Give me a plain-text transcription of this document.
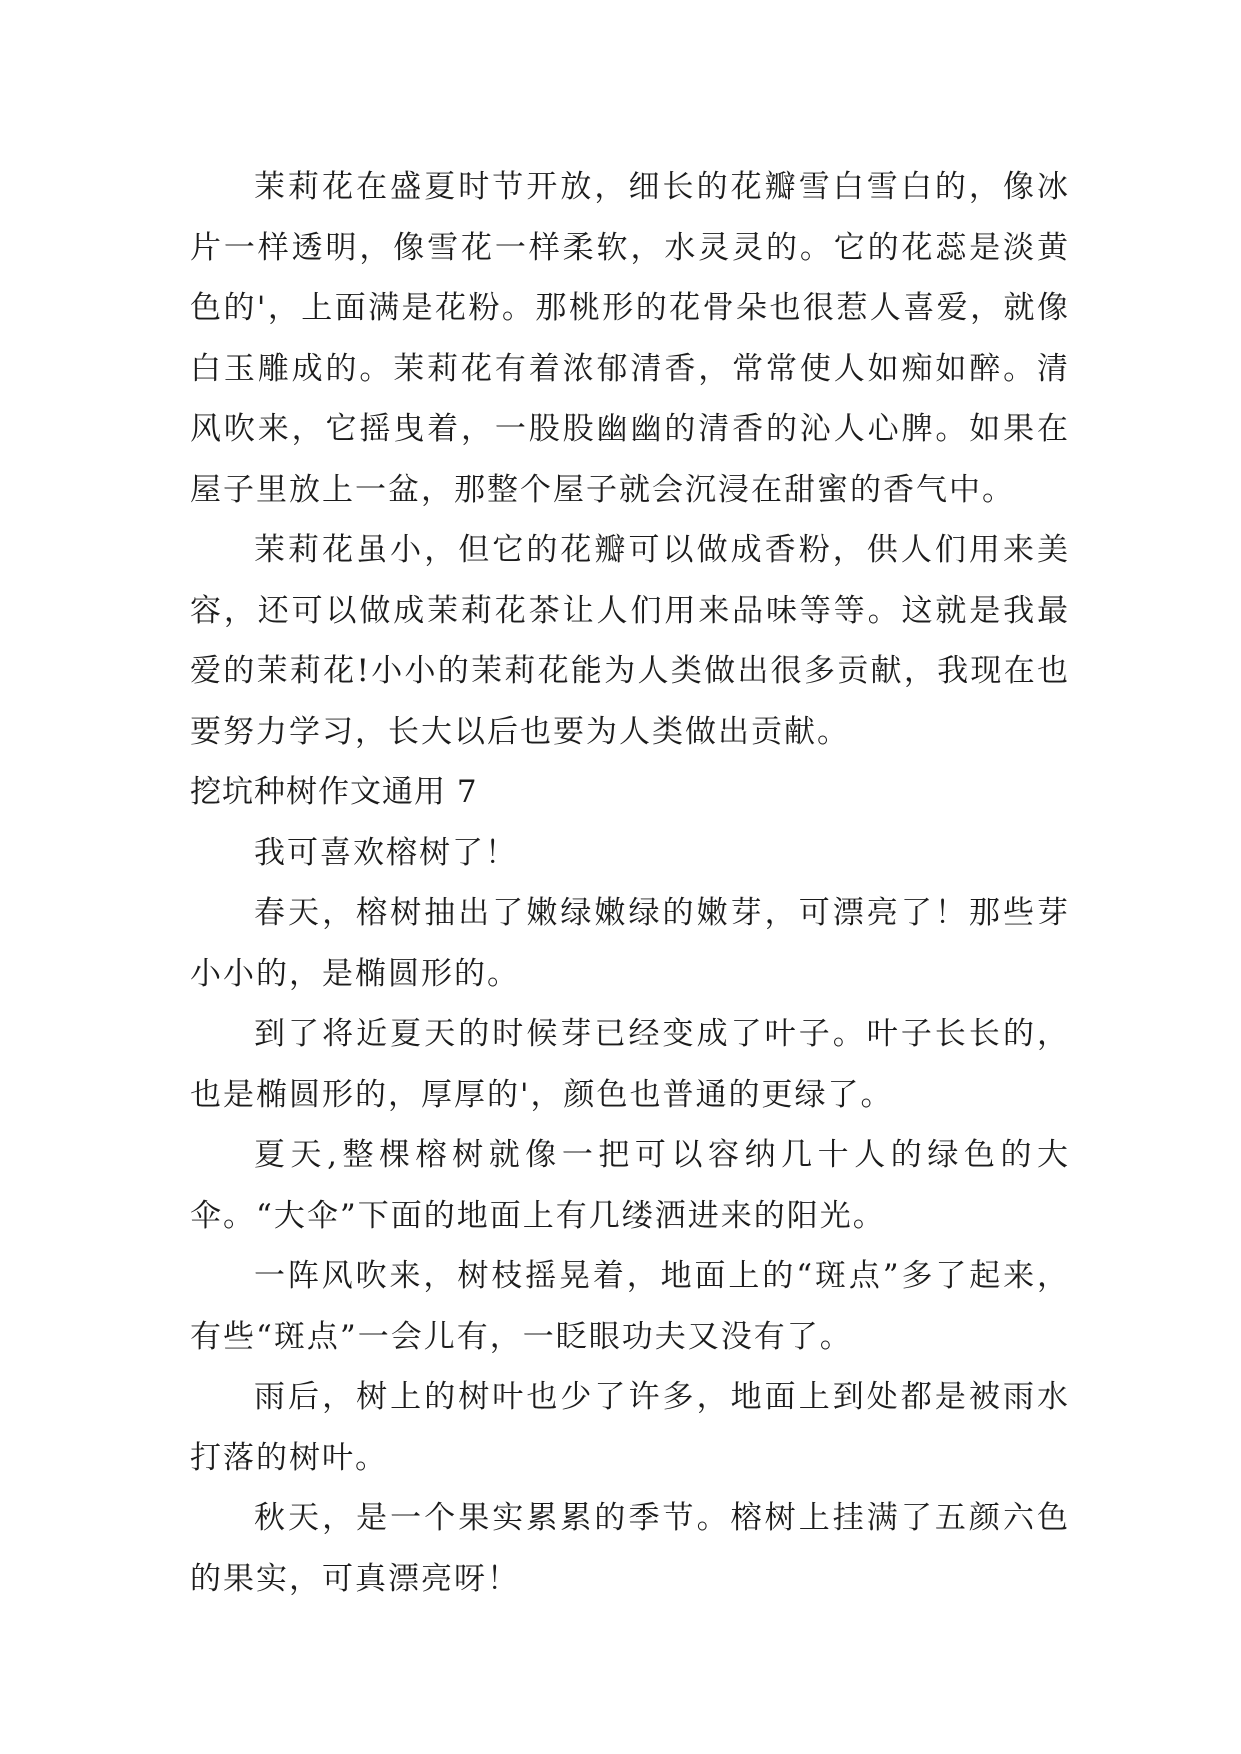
茉莉花在盛夏时节开放，细长的花瓣雪白雪白的，像冰片一样透明，像雪花一样柔软，水灵灵的。它的花蕊是淡黄色的'，上面满是花粉。那桃形的花骨朵也很惹人喜爱，就像白玉雕成的。茉莉花有着浓郁清香，常常使人如痴如醉。清风吹来，它摇曳着，一股股幽幽的清香的沁人心脾。如果在屋子里放上一盆，那整个屋子就会沉浸在甜蜜的香气中。

茉莉花虽小，但它的花瓣可以做成香粉，供人们用来美容，还可以做成茉莉花茶让人们用来品味等等。这就是我最爱的茉莉花!小小的茉莉花能为人类做出很多贡献，我现在也要努力学习，长大以后也要为人类做出贡献。

挖坑种树作文通用 7

我可喜欢榕树了！

春天，榕树抽出了嫩绿嫩绿的嫩芽，可漂亮了！那些芽小小的，是椭圆形的。

到了将近夏天的时候芽已经变成了叶子。叶子长长的，也是椭圆形的，厚厚的'，颜色也普通的更绿了。

夏天,整棵榕树就像一把可以容纳几十人的绿色的大伞。“大伞”下面的地面上有几缕洒进来的阳光。

一阵风吹来，树枝摇晃着，地面上的“斑点”多了起来，有些“斑点”一会儿有，一眨眼功夫又没有了。

雨后，树上的树叶也少了许多，地面上到处都是被雨水打落的树叶。

秋天，是一个果实累累的季节。榕树上挂满了五颜六色的果实，可真漂亮呀！
